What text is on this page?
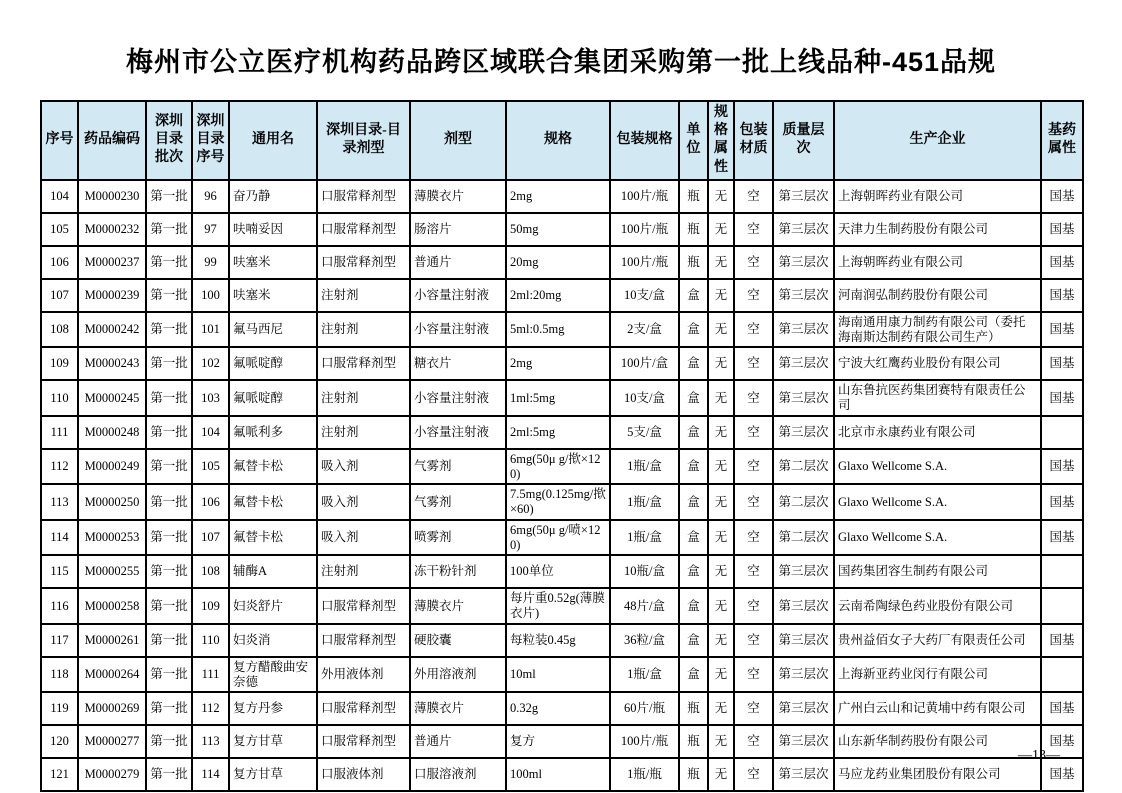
梅州市公立医疗机构药品跨区域联合集团采购第一批上线品种-451品规
序号	药品编码	深圳目录批次	深圳目录序号	通用名	深圳目录-目录剂型	剂型	规格	包装规格	单位	规格属性	包装材质	质量层次	生产企业	基药属性
104	M0000230	第一批	96	奋乃静	口服常释剂型	薄膜衣片	2mg	100片/瓶	瓶	无	空	第三层次	上海朝晖药业有限公司	国基
105	M0000232	第一批	97	呋喃妥因	口服常释剂型	肠溶片	50mg	100片/瓶	瓶	无	空	第三层次	天津力生制药股份有限公司	国基
106	M0000237	第一批	99	呋塞米	口服常释剂型	普通片	20mg	100片/瓶	瓶	无	空	第三层次	上海朝晖药业有限公司	国基
107	M0000239	第一批	100	呋塞米	注射剂	小容量注射液	2ml:20mg	10支/盒	盒	无	空	第三层次	河南润弘制药股份有限公司	国基
108	M0000242	第一批	101	氟马西尼	注射剂	小容量注射液	5ml:0.5mg	2支/盒	盒	无	空	第三层次	海南通用康力制药有限公司（委托海南斯达制药有限公司生产）	国基
109	M0000243	第一批	102	氟哌啶醇	口服常释剂型	糖衣片	2mg	100片/盒	盒	无	空	第三层次	宁波大红鹰药业股份有限公司	国基
110	M0000245	第一批	103	氟哌啶醇	注射剂	小容量注射液	1ml:5mg	10支/盒	盒	无	空	第三层次	山东鲁抗医药集团赛特有限责任公司	国基
111	M0000248	第一批	104	氟哌利多	注射剂	小容量注射液	2ml:5mg	5支/盒	盒	无	空	第三层次	北京市永康药业有限公司	
112	M0000249	第一批	105	氟替卡松	吸入剂	气雾剂	6mg(50μ g/揿×120)	1瓶/盒	盒	无	空	第二层次	Glaxo Wellcome S.A.	国基
113	M0000250	第一批	106	氟替卡松	吸入剂	气雾剂	7.5mg(0.125mg/揿×60)	1瓶/盒	盒	无	空	第二层次	Glaxo Wellcome S.A.	国基
114	M0000253	第一批	107	氟替卡松	吸入剂	喷雾剂	6mg(50μ g/喷×120)	1瓶/盒	盒	无	空	第二层次	Glaxo Wellcome S.A.	国基
115	M0000255	第一批	108	辅酶A	注射剂	冻干粉针剂	100单位	10瓶/盒	盒	无	空	第三层次	国药集团容生制药有限公司	
116	M0000258	第一批	109	妇炎舒片	口服常释剂型	薄膜衣片	每片重0.52g(薄膜衣片)	48片/盒	盒	无	空	第三层次	云南希陶绿色药业股份有限公司	
117	M0000261	第一批	110	妇炎消	口服常释剂型	硬胶囊	每粒装0.45g	36粒/盒	盒	无	空	第三层次	贵州益佰女子大药厂有限责任公司	国基
118	M0000264	第一批	111	复方醋酸曲安奈德	外用液体剂	外用溶液剂	10ml	1瓶/盒	盒	无	空	第三层次	上海新亚药业闵行有限公司	
119	M0000269	第一批	112	复方丹参	口服常释剂型	薄膜衣片	0.32g	60片/瓶	瓶	无	空	第三层次	广州白云山和记黄埔中药有限公司	国基
120	M0000277	第一批	113	复方甘草	口服常释剂型	普通片	复方	100片/瓶	瓶	无	空	第三层次	山东新华制药股份有限公司	国基
121	M0000279	第一批	114	复方甘草	口服液体剂	口服溶液剂	100ml	1瓶/瓶	瓶	无	空	第三层次	马应龙药业集团股份有限公司	国基
—13—
